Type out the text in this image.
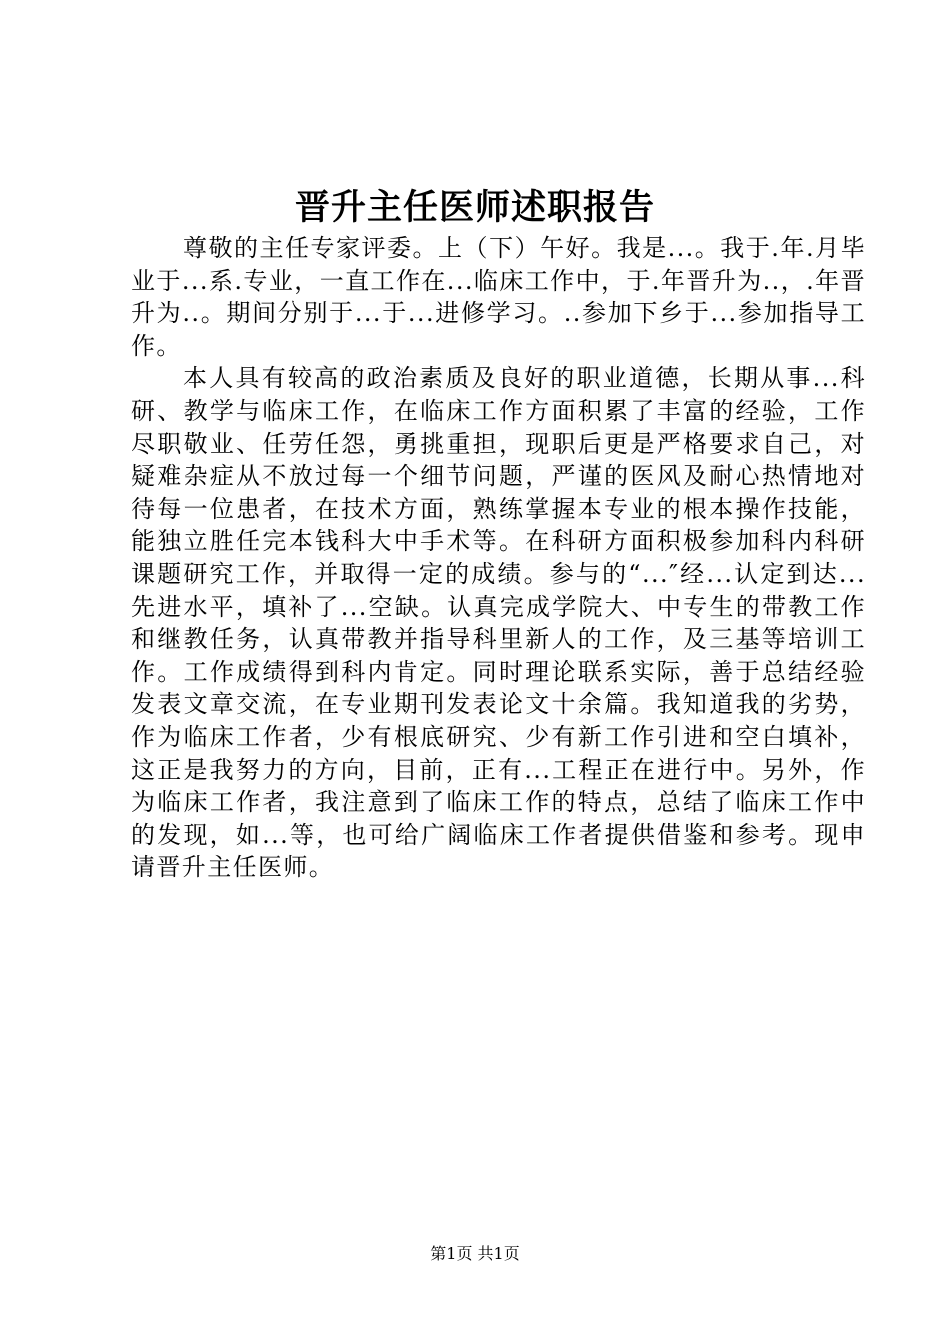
晋升主任医师述职报告

尊敬的主任专家评委。上（下）午好。我是...。我于.年.月毕业于...系.专业，一直工作在...临床工作中，于.年晋升为..，.年晋升为..。期间分别于...于...进修学习。..参加下乡于...参加指导工作。

本人具有较高的政治素质及良好的职业道德，长期从事...科研、教学与临床工作，在临床工作方面积累了丰富的经验，工作尽职敬业、任劳任怨，勇挑重担，现职后更是严格要求自己，对疑难杂症从不放过每一个细节问题，严谨的医风及耐心热情地对待每一位患者，在技术方面，熟练掌握本专业的根本操作技能，能独立胜任完本钱科大中手术等。在科研方面积极参加科内科研课题研究工作，并取得一定的成绩。参与的“...″经...认定到达...先进水平，填补了...空缺。认真完成学院大、中专生的带教工作和继教任务，认真带教并指导科里新人的工作，及三基等培训工作。工作成绩得到科内肯定。同时理论联系实际，善于总结经验发表文章交流，在专业期刊发表论文十余篇。我知道我的劣势，作为临床工作者，少有根底研究、少有新工作引进和空白填补，这正是我努力的方向，目前，正有...工程正在进行中。另外，作为临床工作者，我注意到了临床工作的特点，总结了临床工作中的发现，如...等，也可给广阔临床工作者提供借鉴和参考。现申请晋升主任医师。

第1页 共1页
